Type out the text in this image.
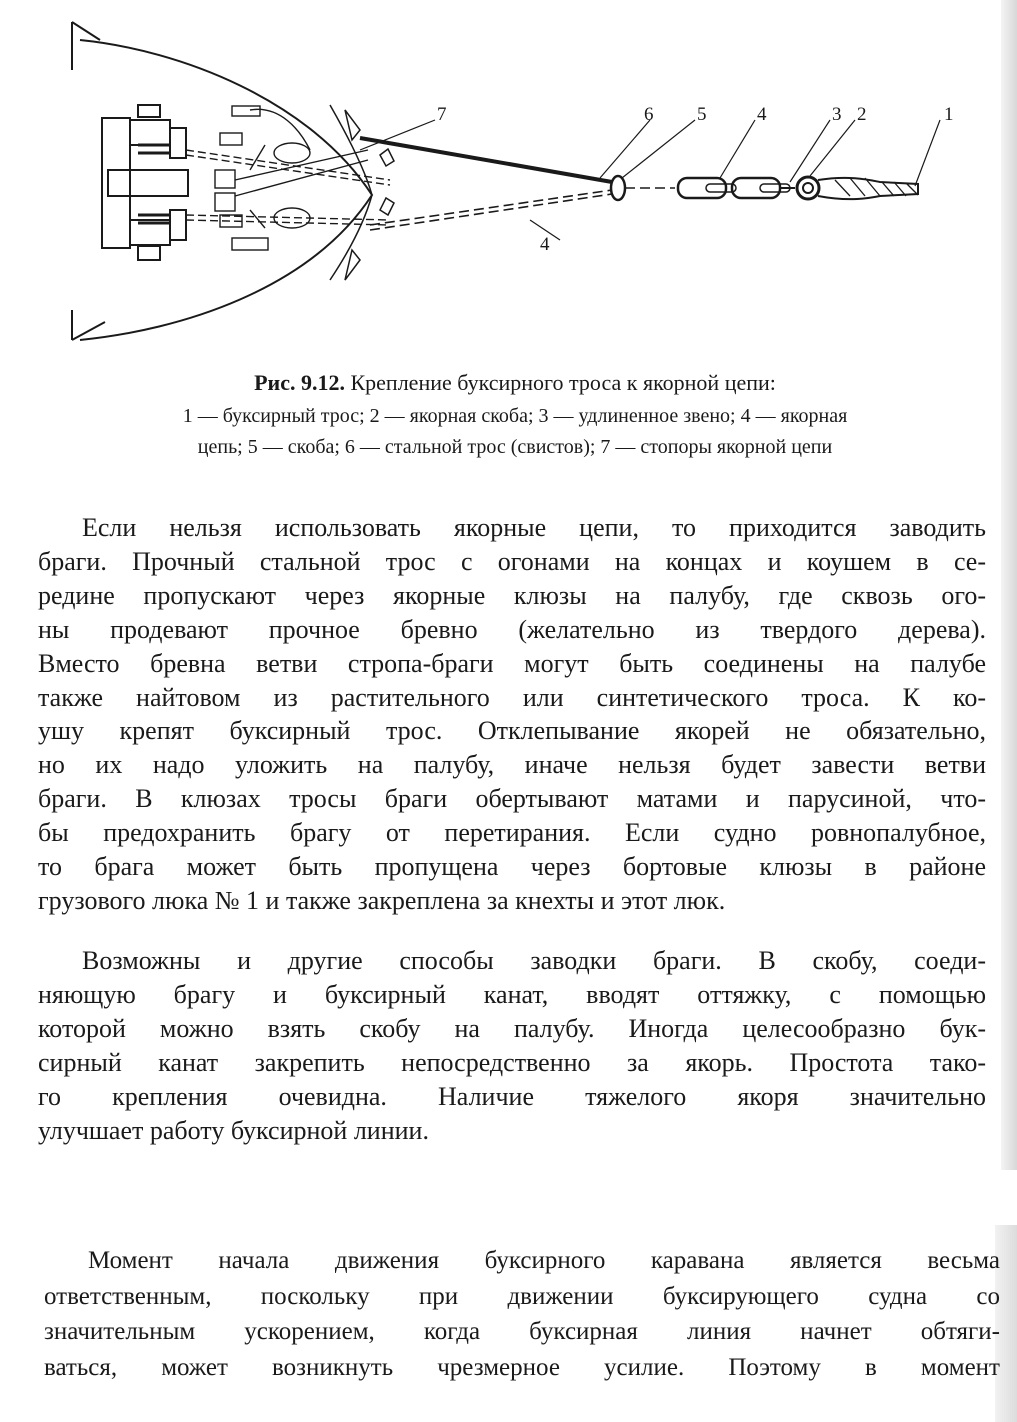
1
2
3
4
4
5
6
7
Рис. 9.12. Крепление буксирного троса к якорной цепи:
1 — буксирный трос; 2 — якорная скоба; 3 — удлиненное звено; 4 — якорная
цепь; 5 — скоба; 6 — стальной трос (свистов); 7 — стопоры якорной цепи
Если нельзя использовать якорные цепи, то приходится заводить
браги. Прочный стальной трос с огонами на концах и коушем в се-
редине пропускают через якорные клюзы на палубу, где сквозь ого-
ны продевают прочное бревно (желательно из твердого дерева).
Вместо бревна ветви стропа-браги могут быть соединены на палубе
также найтовом из растительного или синтетического троса. К ко-
ушу крепят буксирный трос. Отклепывание якорей не обязательно,
но их надо уложить на палубу, иначе нельзя будет завести ветви
браги. В клюзах тросы браги обертывают матами и парусиной, что-
бы предохранить брагу от перетирания. Если судно ровнопалубное,
то брага может быть пропущена через бортовые клюзы в районе
грузового люка № 1 и также закреплена за кнехты и этот люк.
Возможны и другие способы заводки браги. В скобу, соеди-
няющую брагу и буксирный канат, вводят оттяжку, с помощью
которой можно взять скобу на палубу. Иногда целесообразно бук-
сирный канат закрепить непосредственно за якорь. Простота тако-
го крепления очевидна. Наличие тяжелого якоря значительно
улучшает работу буксирной линии.
Момент начала движения буксирного каравана является весьма
ответственным, поскольку при движении буксирующего судна со
значительным ускорением, когда буксирная линия начнет обтяги-
ваться, может возникнуть чрезмерное усилие. Поэтому в момент
